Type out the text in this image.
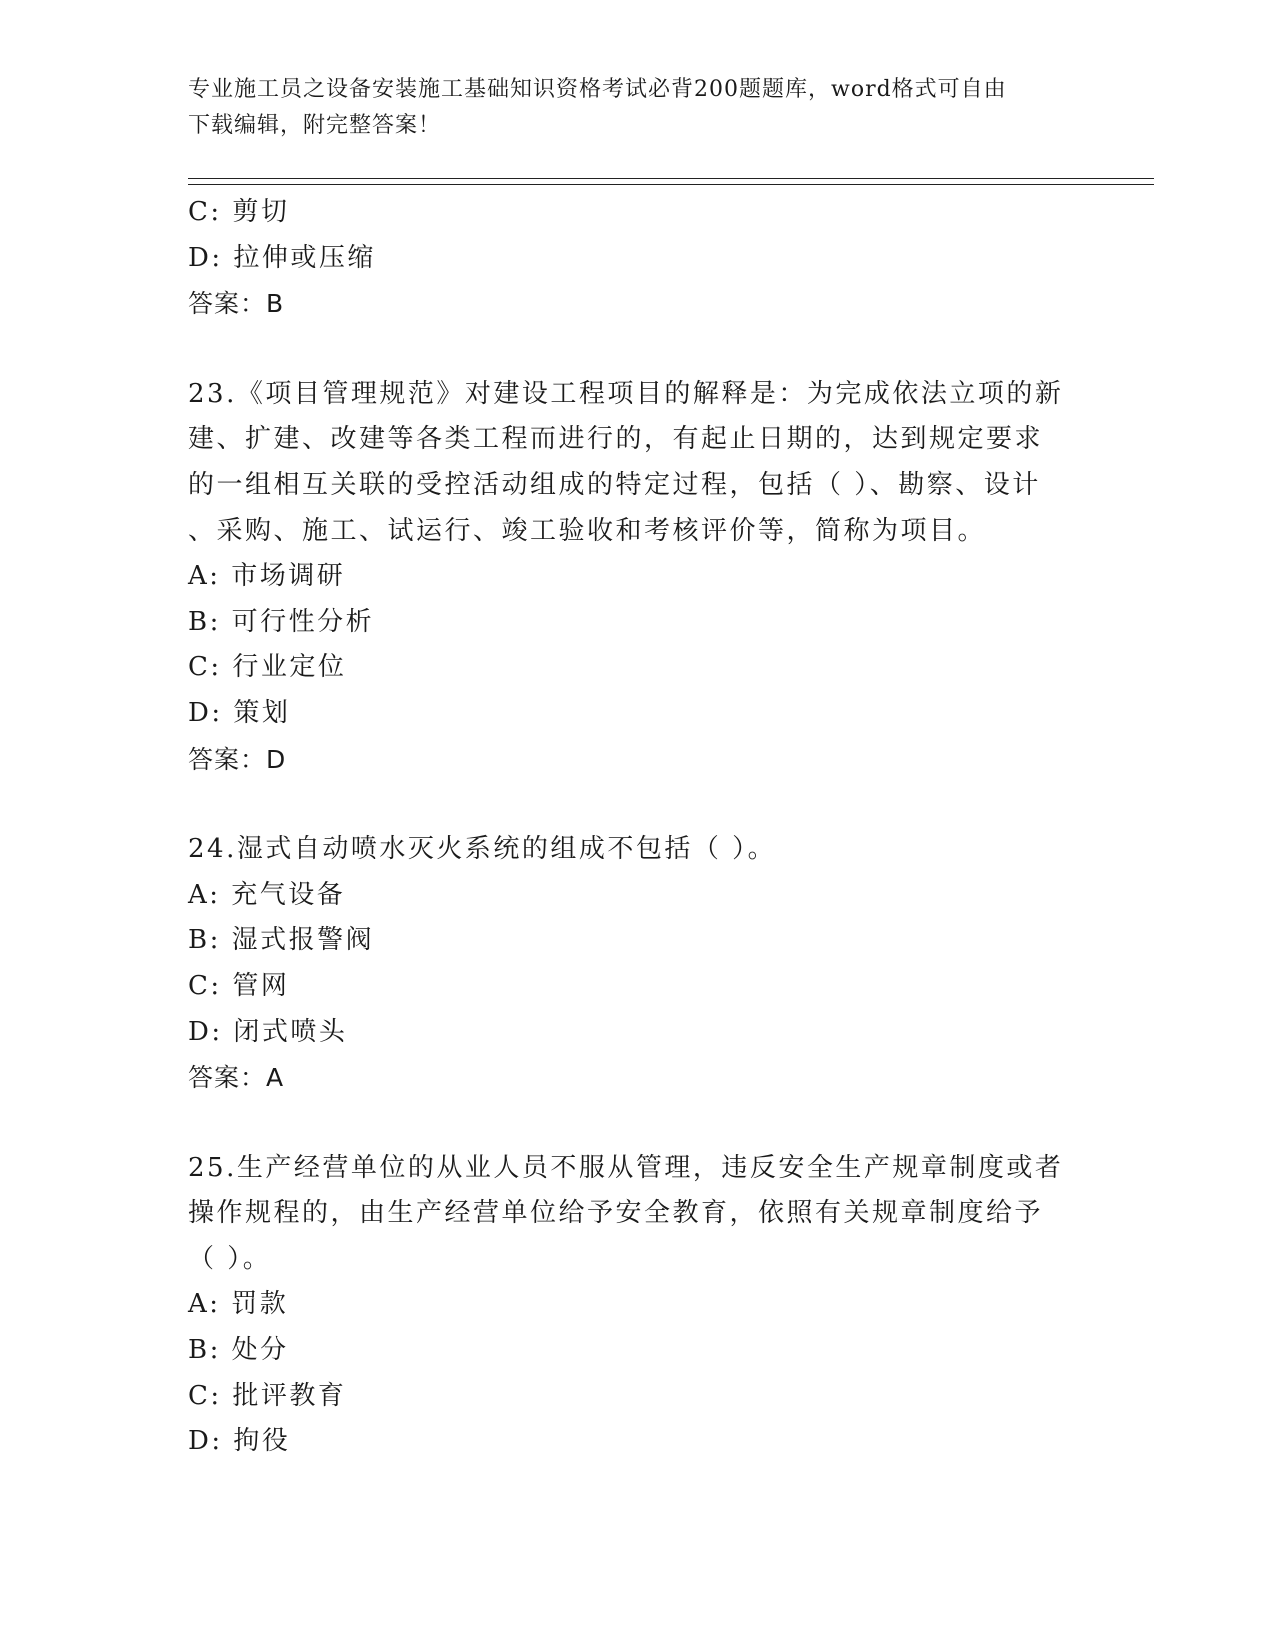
专业施工员之设备安装施工基础知识资格考试必背200题题库，word格式可自由
下载编辑，附完整答案！
C: 剪切
D: 拉伸或压缩
答案：B
23.《项目管理规范》对建设工程项目的解释是：为完成依法立项的新
建、扩建、改建等各类工程而进行的，有起止日期的，达到规定要求
的一组相互关联的受控活动组成的特定过程，包括（ ）、勘察、设计
、采购、施工、试运行、竣工验收和考核评价等，简称为项目。
A: 市场调研
B: 可行性分析
C: 行业定位
D: 策划
答案：D
24.湿式自动喷水灭火系统的组成不包括（ ）。
A: 充气设备
B: 湿式报警阀
C: 管网
D: 闭式喷头
答案：A
25.生产经营单位的从业人员不服从管理，违反安全生产规章制度或者
操作规程的，由生产经营单位给予安全教育，依照有关规章制度给予
（ ）。
A: 罚款
B: 处分
C: 批评教育
D: 拘役
